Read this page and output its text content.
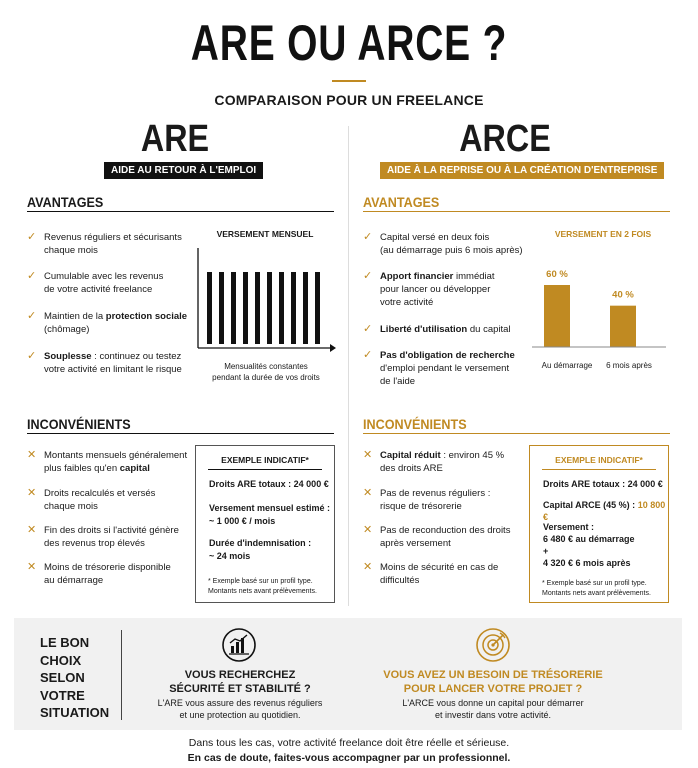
ARE OU ARCE ?
COMPARAISON POUR UN FREELANCE
ARE
AIDE AU RETOUR À L'EMPLOI
ARCE
AIDE À LA REPRISE OU À LA CRÉATION D'ENTREPRISE
AVANTAGES
✓ Revenus réguliers et sécurisants
chaque mois
✓ Cumulable avec les revenus
de votre activité freelance
✓ Maintien de la protection sociale
(chômage)
✓ Souplesse : continuez ou testez
votre activité en limitant le risque
VERSEMENT MENSUEL
Mensualités constantes
pendant la durée de vos droits
AVANTAGES
✓ Capital versé en deux fois
(au démarrage puis 6 mois après)
✓ Apport financier immédiat
pour lancer ou développer
votre activité
✓ Liberté d'utilisation du capital
✓ Pas d'obligation de recherche
d'emploi pendant le versement
de l'aide
VERSEMENT EN 2 FOIS
60 %
40 %
Au démarrage	6 mois après
INCONVÉNIENTS
✕ Montants mensuels généralement
plus faibles qu'en capital
✕ Droits recalculés et versés
chaque mois
✕ Fin des droits si l'activité génère
des revenus trop élevés
✕ Moins de trésorerie disponible
au démarrage
EXEMPLE INDICATIF*
Droits ARE totaux : 24 000 €
Versement mensuel estimé :
~ 1 000 € / mois
Durée d'indemnisation :
~ 24 mois
* Exemple basé sur un profil type.
Montants nets avant prélèvements.
INCONVÉNIENTS
✕ Capital réduit : environ 45 %
des droits ARE
✕ Pas de revenus réguliers :
risque de trésorerie
✕ Pas de reconduction des droits
après versement
✕ Moins de sécurité en cas de
difficultés
EXEMPLE INDICATIF*
Droits ARE totaux : 24 000 €
Capital ARCE (45 %) : 10 800 €
Versement :
6 480 € au démarrage
+
4 320 € 6 mois après
* Exemple basé sur un profil type.
Montants nets avant prélèvements.
LE BON
CHOIX
SELON
VOTRE
SITUATION
VOUS RECHERCHEZ
SÉCURITÉ ET STABILITÉ ?
L'ARE vous assure des revenus réguliers
et une protection au quotidien.
VOUS AVEZ UN BESOIN DE TRÉSORERIE
POUR LANCER VOTRE PROJET ?
L'ARCE vous donne un capital pour démarrer
et investir dans votre activité.
Dans tous les cas, votre activité freelance doit être réelle et sérieuse.
En cas de doute, faites-vous accompagner par un professionnel.
